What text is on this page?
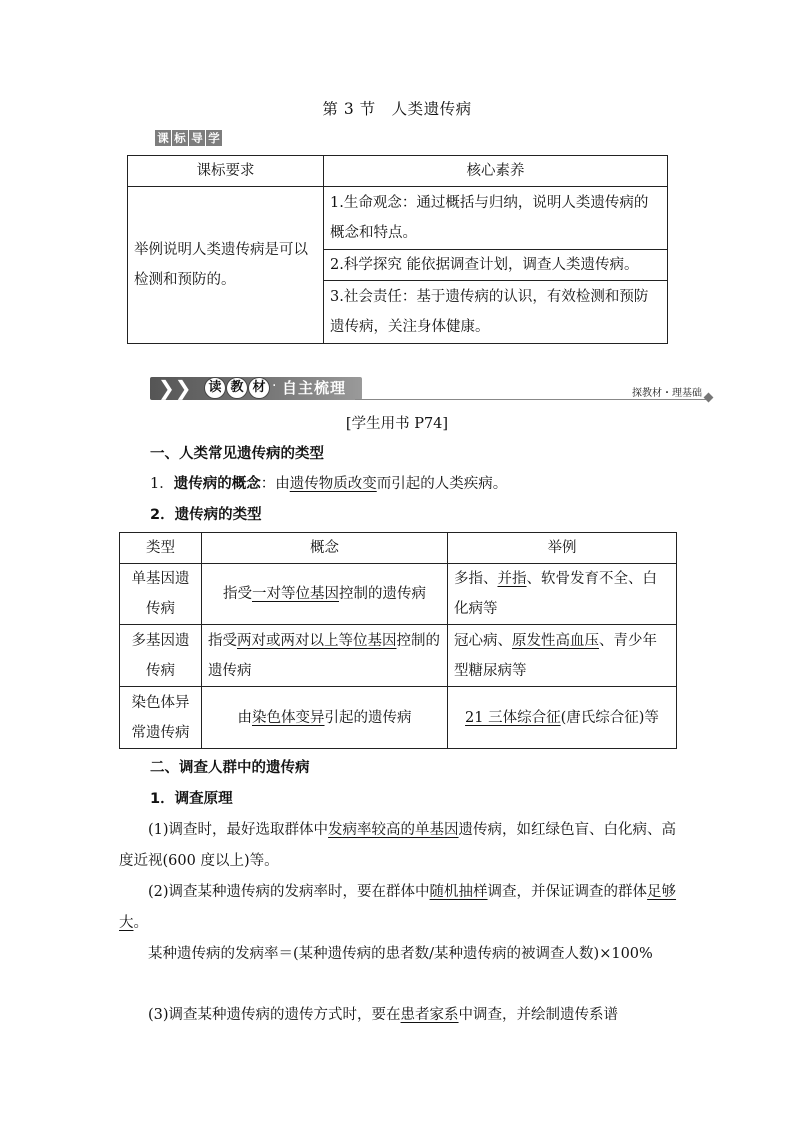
第 3 节　人类遗传病
课 标 导 学
课标要求	核心素养
举例说明人类遗传病是可以检测和预防的。	1.生命观念：通过概括与归纳，说明人类遗传病的概念和特点。
	2.科学探究 能依据调查计划，调查人类遗传病。
	3.社会责任：基于遗传病的认识，有效检测和预防遗传病，关注身体健康。
❯❯	读 教 材 · 自主梳理	探教材・理基础
[学生用书 P74]
一、人类常见遗传病的类型
1．遗传病的概念：由遗传物质改变而引起的人类疾病。
2．遗传病的类型
类型	概念	举例
单基因遗传病	指受一对等位基因控制的遗传病	多指、并指、软骨发育不全、白化病等
多基因遗传病	指受两对或两对以上等位基因控制的遗传病	冠心病、原发性高血压、青少年型糖尿病等
染色体异常遗传病	由染色体变异引起的遗传病	21 三体综合征(唐氏综合征)等
二、调查人群中的遗传病
1．调查原理
(1)调查时，最好选取群体中发病率较高的单基因遗传病，如红绿色盲、白化病、高度近视(600 度以上)等。
(2)调查某种遗传病的发病率时，要在群体中随机抽样调查，并保证调查的群体足够大。
某种遗传病的发病率＝(某种遗传病的患者数/某种遗传病的被调查人数)×100%
(3)调查某种遗传病的遗传方式时，要在患者家系中调查，并绘制遗传系谱
